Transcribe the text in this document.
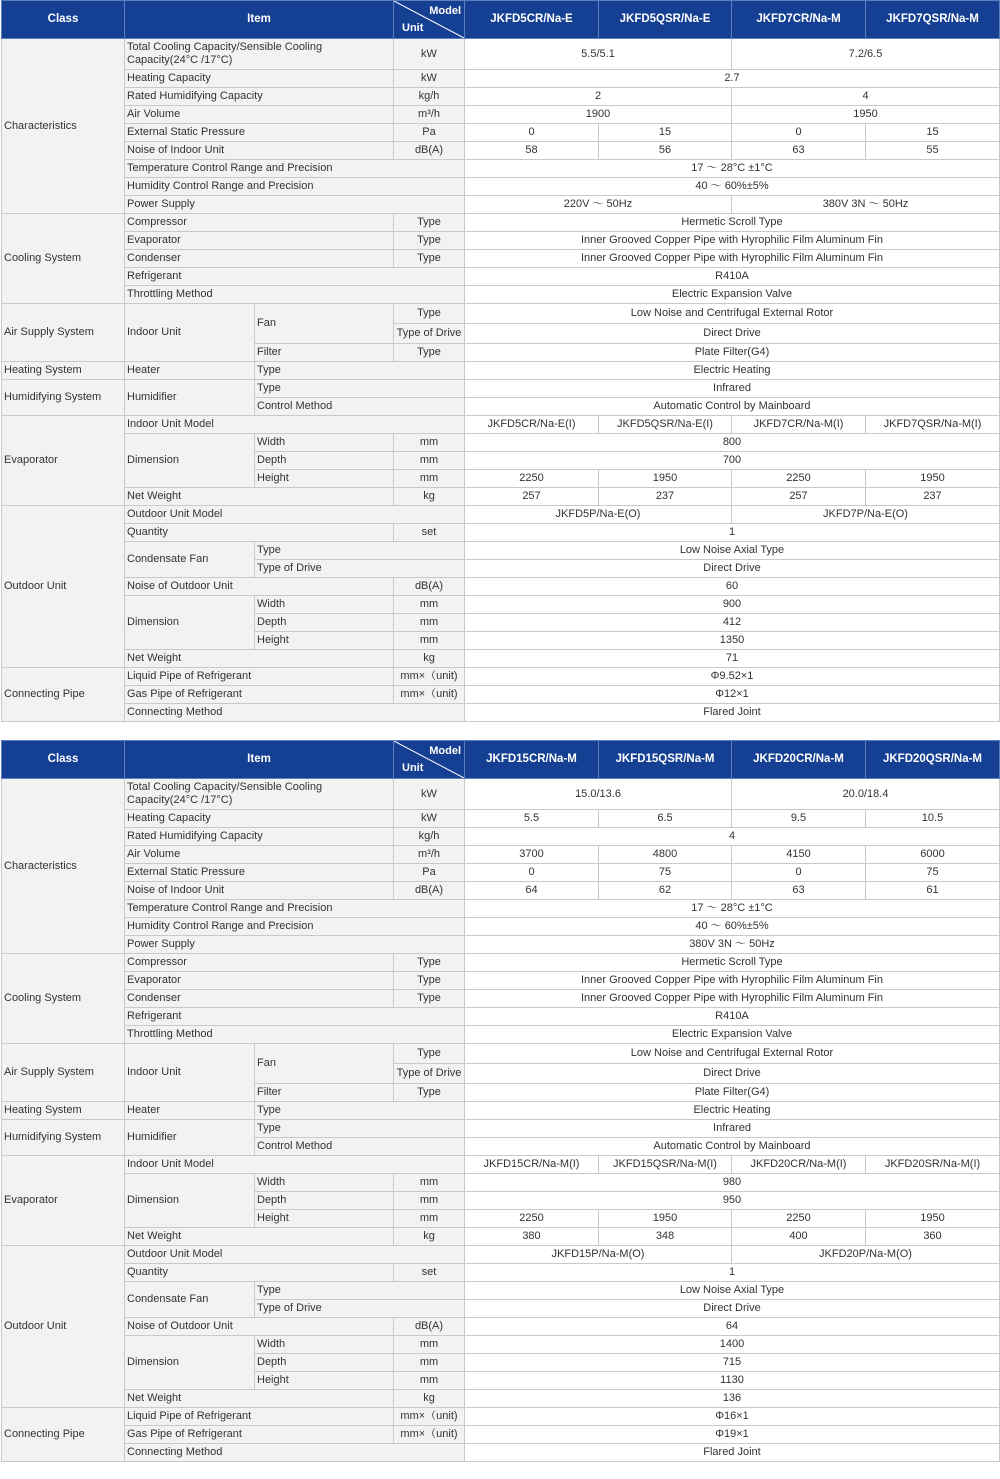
Class	Item		Model
Unit	JKFD5CR/Na-E	JKFD5QSR/Na-E	JKFD7CR/Na-M	JKFD7QSR/Na-M
Characteristics	Total Cooling Capacity/Sensible Cooling Capacity(24°C /17°C)		kW	5.5/5.1		7.2/6.5	
	Heating Capacity		kW	2.7			
	Rated Humidifying Capacity		kg/h	2		4	
	Air Volume		m³/h	1900		1950	
	External Static Pressure		Pa	0	15	0	15
	Noise of Indoor Unit		dB(A)	58	56	63	55
	Temperature Control Range and Precision			17 ～ 28°C ±1°C			
	Humidity Control Range and Precision			40 ～ 60%±5%			
	Power Supply			220V ～ 50Hz		380V 3N ～ 50Hz	
Cooling System	Compressor		Type	Hermetic Scroll Type			
	Evaporator		Type	Inner Grooved Copper Pipe with Hyrophilic Film Aluminum Fin			
	Condenser		Type	Inner Grooved Copper Pipe with Hyrophilic Film Aluminum Fin			
	Refrigerant			R410A			
	Throttling Method			Electric Expansion Valve			
Air Supply System	Indoor Unit	Fan	Type	Low Noise and Centrifugal External Rotor			
			Type of Drive	Direct Drive			
		Filter	Type	Plate Filter(G4)			
Heating System	Heater	Type		Electric Heating			
Humidifying System	Humidifier	Type		Infrared			
		Control Method		Automatic Control by Mainboard			
Evaporator	Indoor Unit Model			JKFD5CR/Na-E(I)	JKFD5QSR/Na-E(I)	JKFD7CR/Na-M(I)	JKFD7QSR/Na-M(I)
	Dimension	Width	mm	800			
		Depth	mm	700			
		Height	mm	2250	1950	2250	1950
	Net Weight		kg	257	237	257	237
Outdoor Unit	Outdoor Unit Model			JKFD5P/Na-E(O)		JKFD7P/Na-E(O)	
	Quantity		set	1			
	Condensate Fan	Type		Low Noise Axial Type			
		Type of Drive		Direct Drive			
	Noise of Outdoor Unit		dB(A)	60			
	Dimension	Width	mm	900			
		Depth	mm	412			
		Height	mm	1350			
	Net Weight		kg	71			
Connecting Pipe	Liquid Pipe of Refrigerant		mm×（unit)	Φ9.52×1			
	Gas Pipe of Refrigerant		mm×（unit)	Φ12×1			
	Connecting Method			Flared Joint			
Class	Item		Model
Unit	JKFD15CR/Na-M	JKFD15QSR/Na-M	JKFD20CR/Na-M	JKFD20QSR/Na-M
Characteristics	Total Cooling Capacity/Sensible Cooling Capacity(24°C /17°C)		kW	15.0/13.6		20.0/18.4	
	Heating Capacity		kW	5.5	6.5	9.5	10.5
	Rated Humidifying Capacity		kg/h	4			
	Air Volume		m³/h	3700	4800	4150	6000
	External Static Pressure		Pa	0	75	0	75
	Noise of Indoor Unit		dB(A)	64	62	63	61
	Temperature Control Range and Precision			17 ～ 28°C ±1°C			
	Humidity Control Range and Precision			40 ～ 60%±5%			
	Power Supply			380V 3N ～ 50Hz			
Cooling System	Compressor		Type	Hermetic Scroll Type			
	Evaporator		Type	Inner Grooved Copper Pipe with Hyrophilic Film Aluminum Fin			
	Condenser		Type	Inner Grooved Copper Pipe with Hyrophilic Film Aluminum Fin			
	Refrigerant			R410A			
	Throttling Method			Electric Expansion Valve			
Air Supply System	Indoor Unit	Fan	Type	Low Noise and Centrifugal External Rotor			
			Type of Drive	Direct Drive			
		Filter	Type	Plate Filter(G4)			
Heating System	Heater	Type		Electric Heating			
Humidifying System	Humidifier	Type		Infrared			
		Control Method		Automatic Control by Mainboard			
Evaporator	Indoor Unit Model			JKFD15CR/Na-M(I)	JKFD15QSR/Na-M(I)	JKFD20CR/Na-M(I)	JKFD20SR/Na-M(I)
	Dimension	Width	mm	980			
		Depth	mm	950			
		Height	mm	2250	1950	2250	1950
	Net Weight		kg	380	348	400	360
Outdoor Unit	Outdoor Unit Model			JKFD15P/Na-M(O)		JKFD20P/Na-M(O)	
	Quantity		set	1			
	Condensate Fan	Type		Low Noise Axial Type			
		Type of Drive		Direct Drive			
	Noise of Outdoor Unit		dB(A)	64			
	Dimension	Width	mm	1400			
		Depth	mm	715			
		Height	mm	1130			
	Net Weight		kg	136			
Connecting Pipe	Liquid Pipe of Refrigerant		mm×（unit)	Φ16×1			
	Gas Pipe of Refrigerant		mm×（unit)	Φ19×1			
	Connecting Method			Flared Joint			
